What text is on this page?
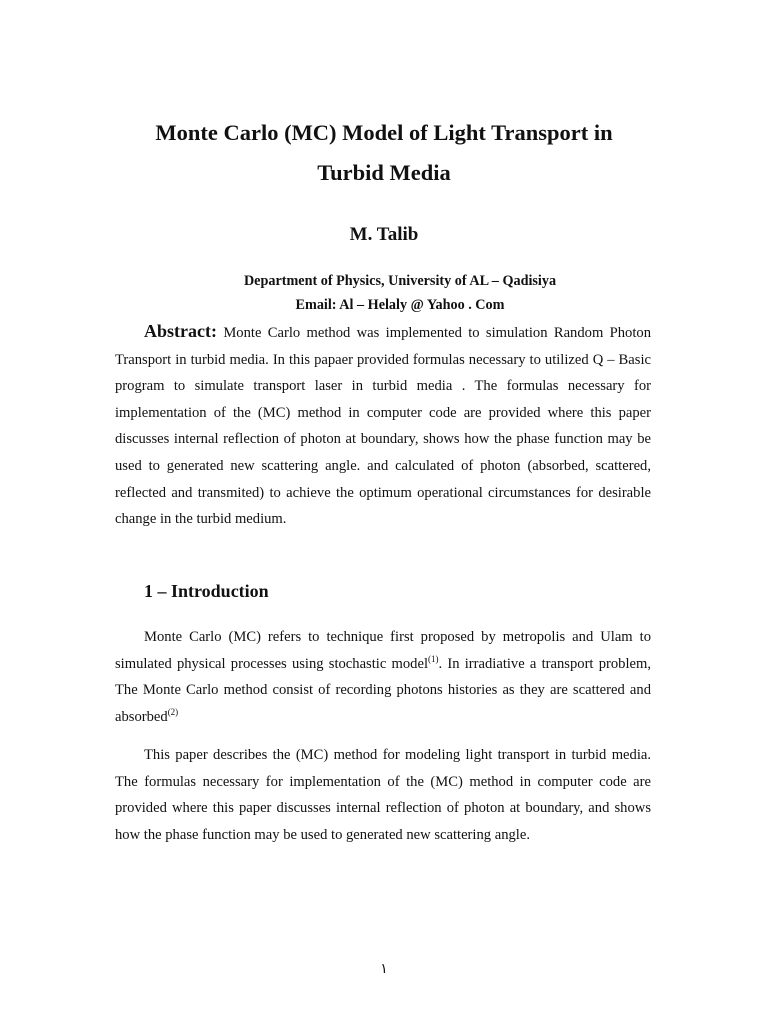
Monte Carlo (MC) Model of Light Transport in
Turbid Media
M. Talib
Department of Physics, University of AL – Qadisiya
Email: Al – Helaly @ Yahoo . Com

Abstract: Monte Carlo method was implemented to simulation Random Photon Transport in turbid media. In this papaer provided formulas necessary to utilized Q – Basic program to simulate transport laser in turbid media . The formulas necessary for implementation of the (MC) method in computer code are provided where this paper discusses internal reflection of photon at boundary, shows how the phase function may be used to generated new scattering angle. and calculated of photon (absorbed, scattered, reflected and transmited) to achieve the optimum operational circumstances for desirable change in the turbid medium.

1 – Introduction

Monte Carlo (MC) refers to technique first proposed by metropolis and Ulam to simulated physical processes using stochastic model$^{(1)}$. In irradiative a transport problem, The Monte Carlo method consist of recording photons histories as they are scattered and absorbed$^{(2)}$

This paper describes the (MC) method for modeling light transport in turbid media. The formulas necessary for implementation of the (MC) method in computer code are provided where this paper discusses internal reflection of photon at boundary, and shows how the phase function may be used to generated new scattering angle.

١
